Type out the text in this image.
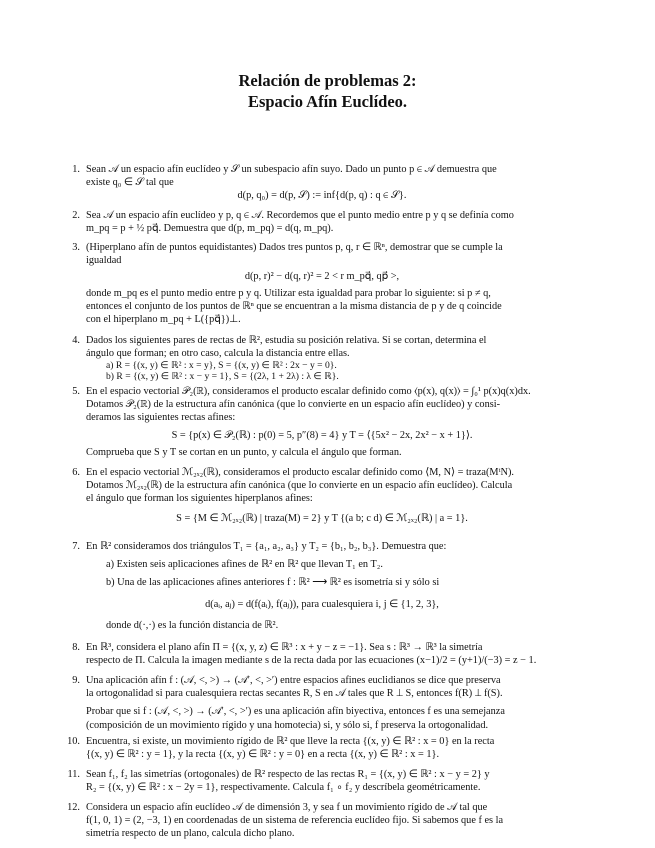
Relación de problemas 2:
Espacio Afín Euclídeo.
1. Sean 𝒜 un espacio afín euclídeo y 𝒮 un subespacio afín suyo. Dado un punto p ∈ 𝒜 demuestra que
existe q₀ ∈ 𝒮 tal que
d(p, q₀) = d(p, 𝒮) := inf{d(p, q) : q ∈ 𝒮}.
2. Sea 𝒜 un espacio afín euclídeo y p, q ∈ 𝒜. Recordemos que el punto medio entre p y q se definía como
m_pq = p + ½ pq⃗. Demuestra que d(p, m_pq) = d(q, m_pq).
3. (Hiperplano afín de puntos equidistantes) Dados tres puntos p, q, r ∈ ℝⁿ, demostrar que se cumple la
igualdad
d(p, r)² − d(q, r)² = 2 < r m_pq⃗, qp⃗ >,
donde m_pq es el punto medio entre p y q. Utilizar esta igualdad para probar lo siguiente: si p ≠ q,
entonces el conjunto de los puntos de ℝⁿ que se encuentran a la misma distancia de p y de q coincide
con el hiperplano m_pq + L({pq⃗})⊥.
4. Dados los siguientes pares de rectas de ℝ², estudia su posición relativa. Si se cortan, determina el
ángulo que forman; en otro caso, calcula la distancia entre ellas.
a) R = {(x, y) ∈ ℝ² : x = y}, S = {(x, y) ∈ ℝ² : 2x − y = 0}.
b) R = {(x, y) ∈ ℝ² : x − y = 1}, S = {(2λ, 1 + 2λ) : λ ∈ ℝ}.
5. En el espacio vectorial 𝒫₂(ℝ), consideramos el producto escalar definido como ⟨p(x), q(x)⟩ = ∫₀¹ p(x)q(x)dx.
Dotamos 𝒫₂(ℝ) de la estructura afín canónica (que lo convierte en un espacio afín euclídeo) y consi-
deramos las siguientes rectas afines:
S = {p(x) ∈ 𝒫₂(ℝ) : p(0) = 5, p″(8) = 4} y T = ⟨{5x² − 2x, 2x² − x + 1}⟩.
Comprueba que S y T se cortan en un punto, y calcula el ángulo que forman.
6. En el espacio vectorial ℳ₂ₓ₂(ℝ), consideramos el producto escalar definido como ⟨M, N⟩ = traza(MᵗN).
Dotamos ℳ₂ₓ₂(ℝ) de la estructura afín canónica (que lo convierte en un espacio afín euclídeo). Calcula
el ángulo que forman los siguientes hiperplanos afines:
S = {M ∈ ℳ₂ₓ₂(ℝ) | traza(M) = 2} y T {(a b; c d) ∈ ℳ₂ₓ₂(ℝ) | a = 1}.
7. En ℝ² consideramos dos triángulos T₁ = {a₁, a₂, a₃} y T₂ = {b₁, b₂, b₃}. Demuestra que:
a) Existen seis aplicaciones afines de ℝ² en ℝ² que llevan T₁ en T₂.
b) Una de las aplicaciones afines anteriores f : ℝ² ⟶ ℝ² es isometría si y sólo si
d(aᵢ, aⱼ) = d(f(aᵢ), f(aⱼ)), para cualesquiera i, j ∈ {1, 2, 3},
donde d(·,·) es la función distancia de ℝ².
8. En ℝ³, considera el plano afín Π = {(x, y, z) ∈ ℝ³ : x + y − z = −1}. Sea s : ℝ³ → ℝ³ la simetría
respecto de Π. Calcula la imagen mediante s de la recta dada por las ecuaciones (x−1)/2 = (y+1)/(−3) = z − 1.
9. Una aplicación afín f : (𝒜, <, >) → (𝒜′, <, >′) entre espacios afines euclidianos se dice que preserva
la ortogonalidad si para cualesquiera rectas secantes R, S en 𝒜 tales que R ⊥ S, entonces f(R) ⊥ f(S).
Probar que si f : (𝒜, <, >) → (𝒜′, <, >′) es una aplicación afín biyectiva, entonces f es una semejanza
(composición de un movimiento rígido y una homotecia) si, y sólo si, f preserva la ortogonalidad.
10. Encuentra, si existe, un movimiento rígido de ℝ² que lleve la recta {(x, y) ∈ ℝ² : x = 0} en la recta
{(x, y) ∈ ℝ² : y = 1}, y la recta {(x, y) ∈ ℝ² : y = 0} en a recta {(x, y) ∈ ℝ² : x = 1}.
11. Sean f₁, f₂ las simetrías (ortogonales) de ℝ² respecto de las rectas R₁ = {(x, y) ∈ ℝ² : x − y = 2} y
R₂ = {(x, y) ∈ ℝ² : x − 2y = 1}, respectivamente. Calcula f₁ ∘ f₂ y descríbela geométricamente.
12. Considera un espacio afín euclídeo 𝒜 de dimensión 3, y sea f un movimiento rígido de 𝒜 tal que
f(1, 0, 1) = (2, −3, 1) en coordenadas de un sistema de referencia euclídeo fijo. Si sabemos que f es la
simetría respecto de un plano, calcula dicho plano.
